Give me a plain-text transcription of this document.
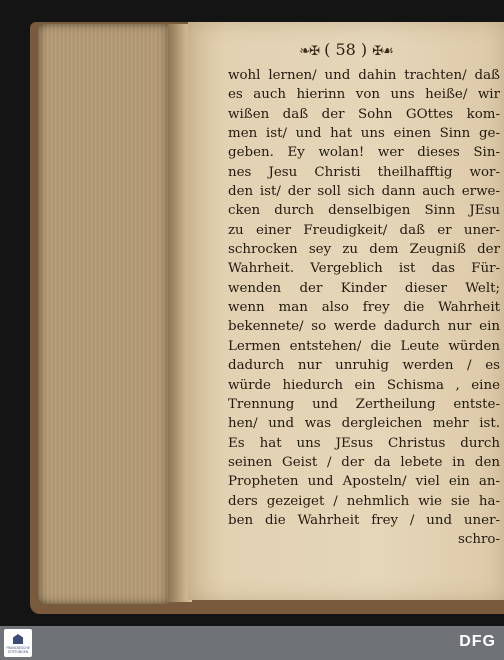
❧✠ ( 58 ) ✠☙
wohl lernen/ und dahin trachten/ daß
es auch hierinn von uns heiße/ wir
wißen daß der Sohn GOttes kom-
men ist/ und hat uns einen Sinn ge-
geben. Ey wolan! wer dieses Sin-
nes Jesu Christi theilhafftig wor-
den ist/ der soll sich dann auch erwe-
cken durch denselbigen Sinn JEsu
zu einer Freudigkeit/ daß er uner-
schrocken sey zu dem Zeugniß der
Wahrheit. Vergeblich ist das Für-
wenden der Kinder dieser Welt;
wenn man also frey die Wahrheit
bekennete/ so werde dadurch nur ein
Lermen entstehen/ die Leute würden
dadurch nur unruhig werden / es
würde hiedurch ein Schisma , eine
Trennung und Zertheilung entste-
hen/ und was dergleichen mehr ist.
Es hat uns JEsus Christus durch
seinen Geist / der da lebete in den
Propheten und Aposteln/ viel ein an-
ders gezeiget / nehmlich wie sie ha-
ben die Wahrheit frey / und uner-
schro-
FRANCKESCHE STIFTUNGEN
DFG
